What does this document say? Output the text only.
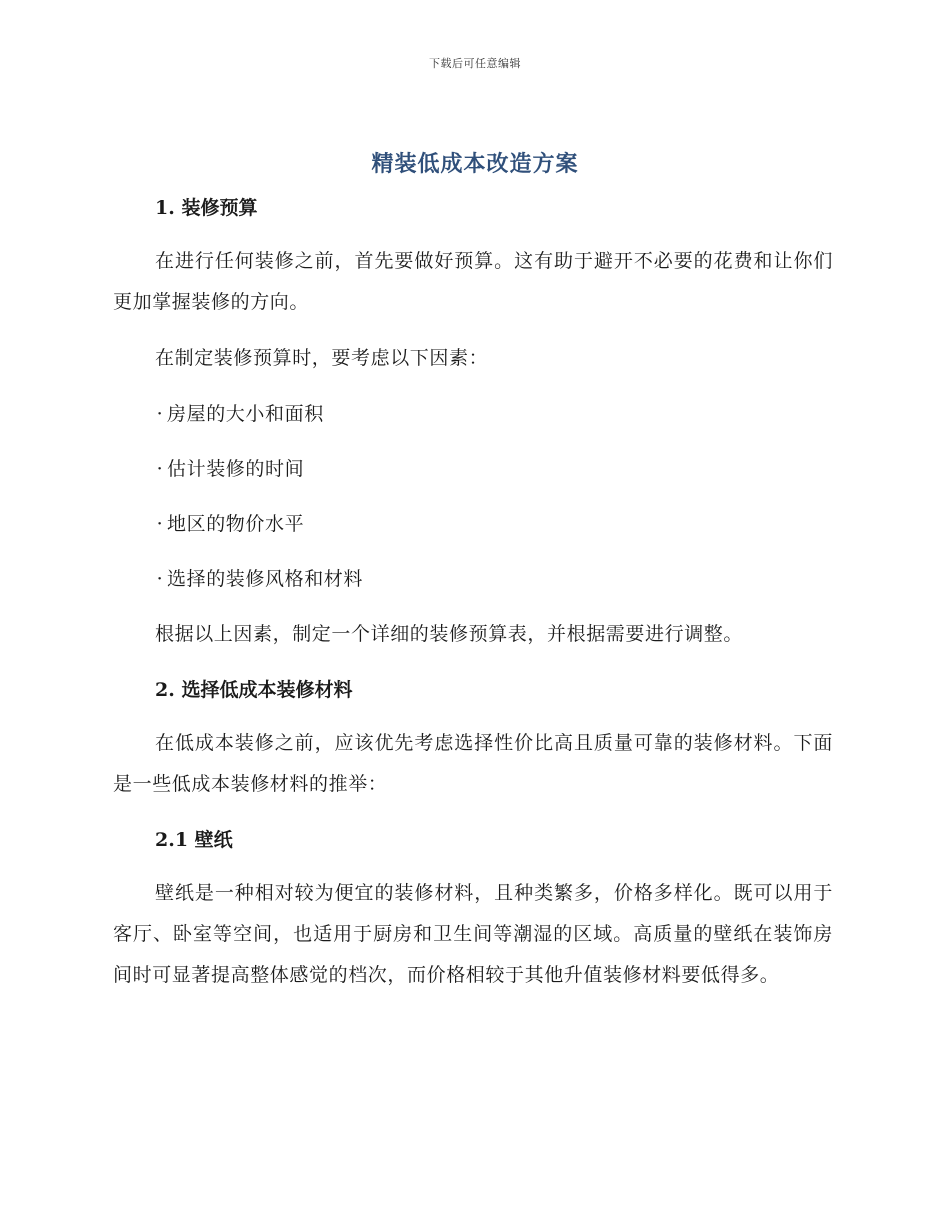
下载后可任意编辑
精装低成本改造方案

1. 装修预算

在进行任何装修之前，首先要做好预算。这有助于避开不必要的花费和让你们更加掌握装修的方向。

在制定装修预算时，要考虑以下因素：

· 房屋的大小和面积

· 估计装修的时间

· 地区的物价水平

· 选择的装修风格和材料

根据以上因素，制定一个详细的装修预算表，并根据需要进行调整。

2. 选择低成本装修材料

在低成本装修之前，应该优先考虑选择性价比高且质量可靠的装修材料。下面是一些低成本装修材料的推举：

2.1 壁纸

壁纸是一种相对较为便宜的装修材料，且种类繁多，价格多样化。既可以用于客厅、卧室等空间，也适用于厨房和卫生间等潮湿的区域。高质量的壁纸在装饰房间时可显著提高整体感觉的档次，而价格相较于其他升值装修材料要低得多。
